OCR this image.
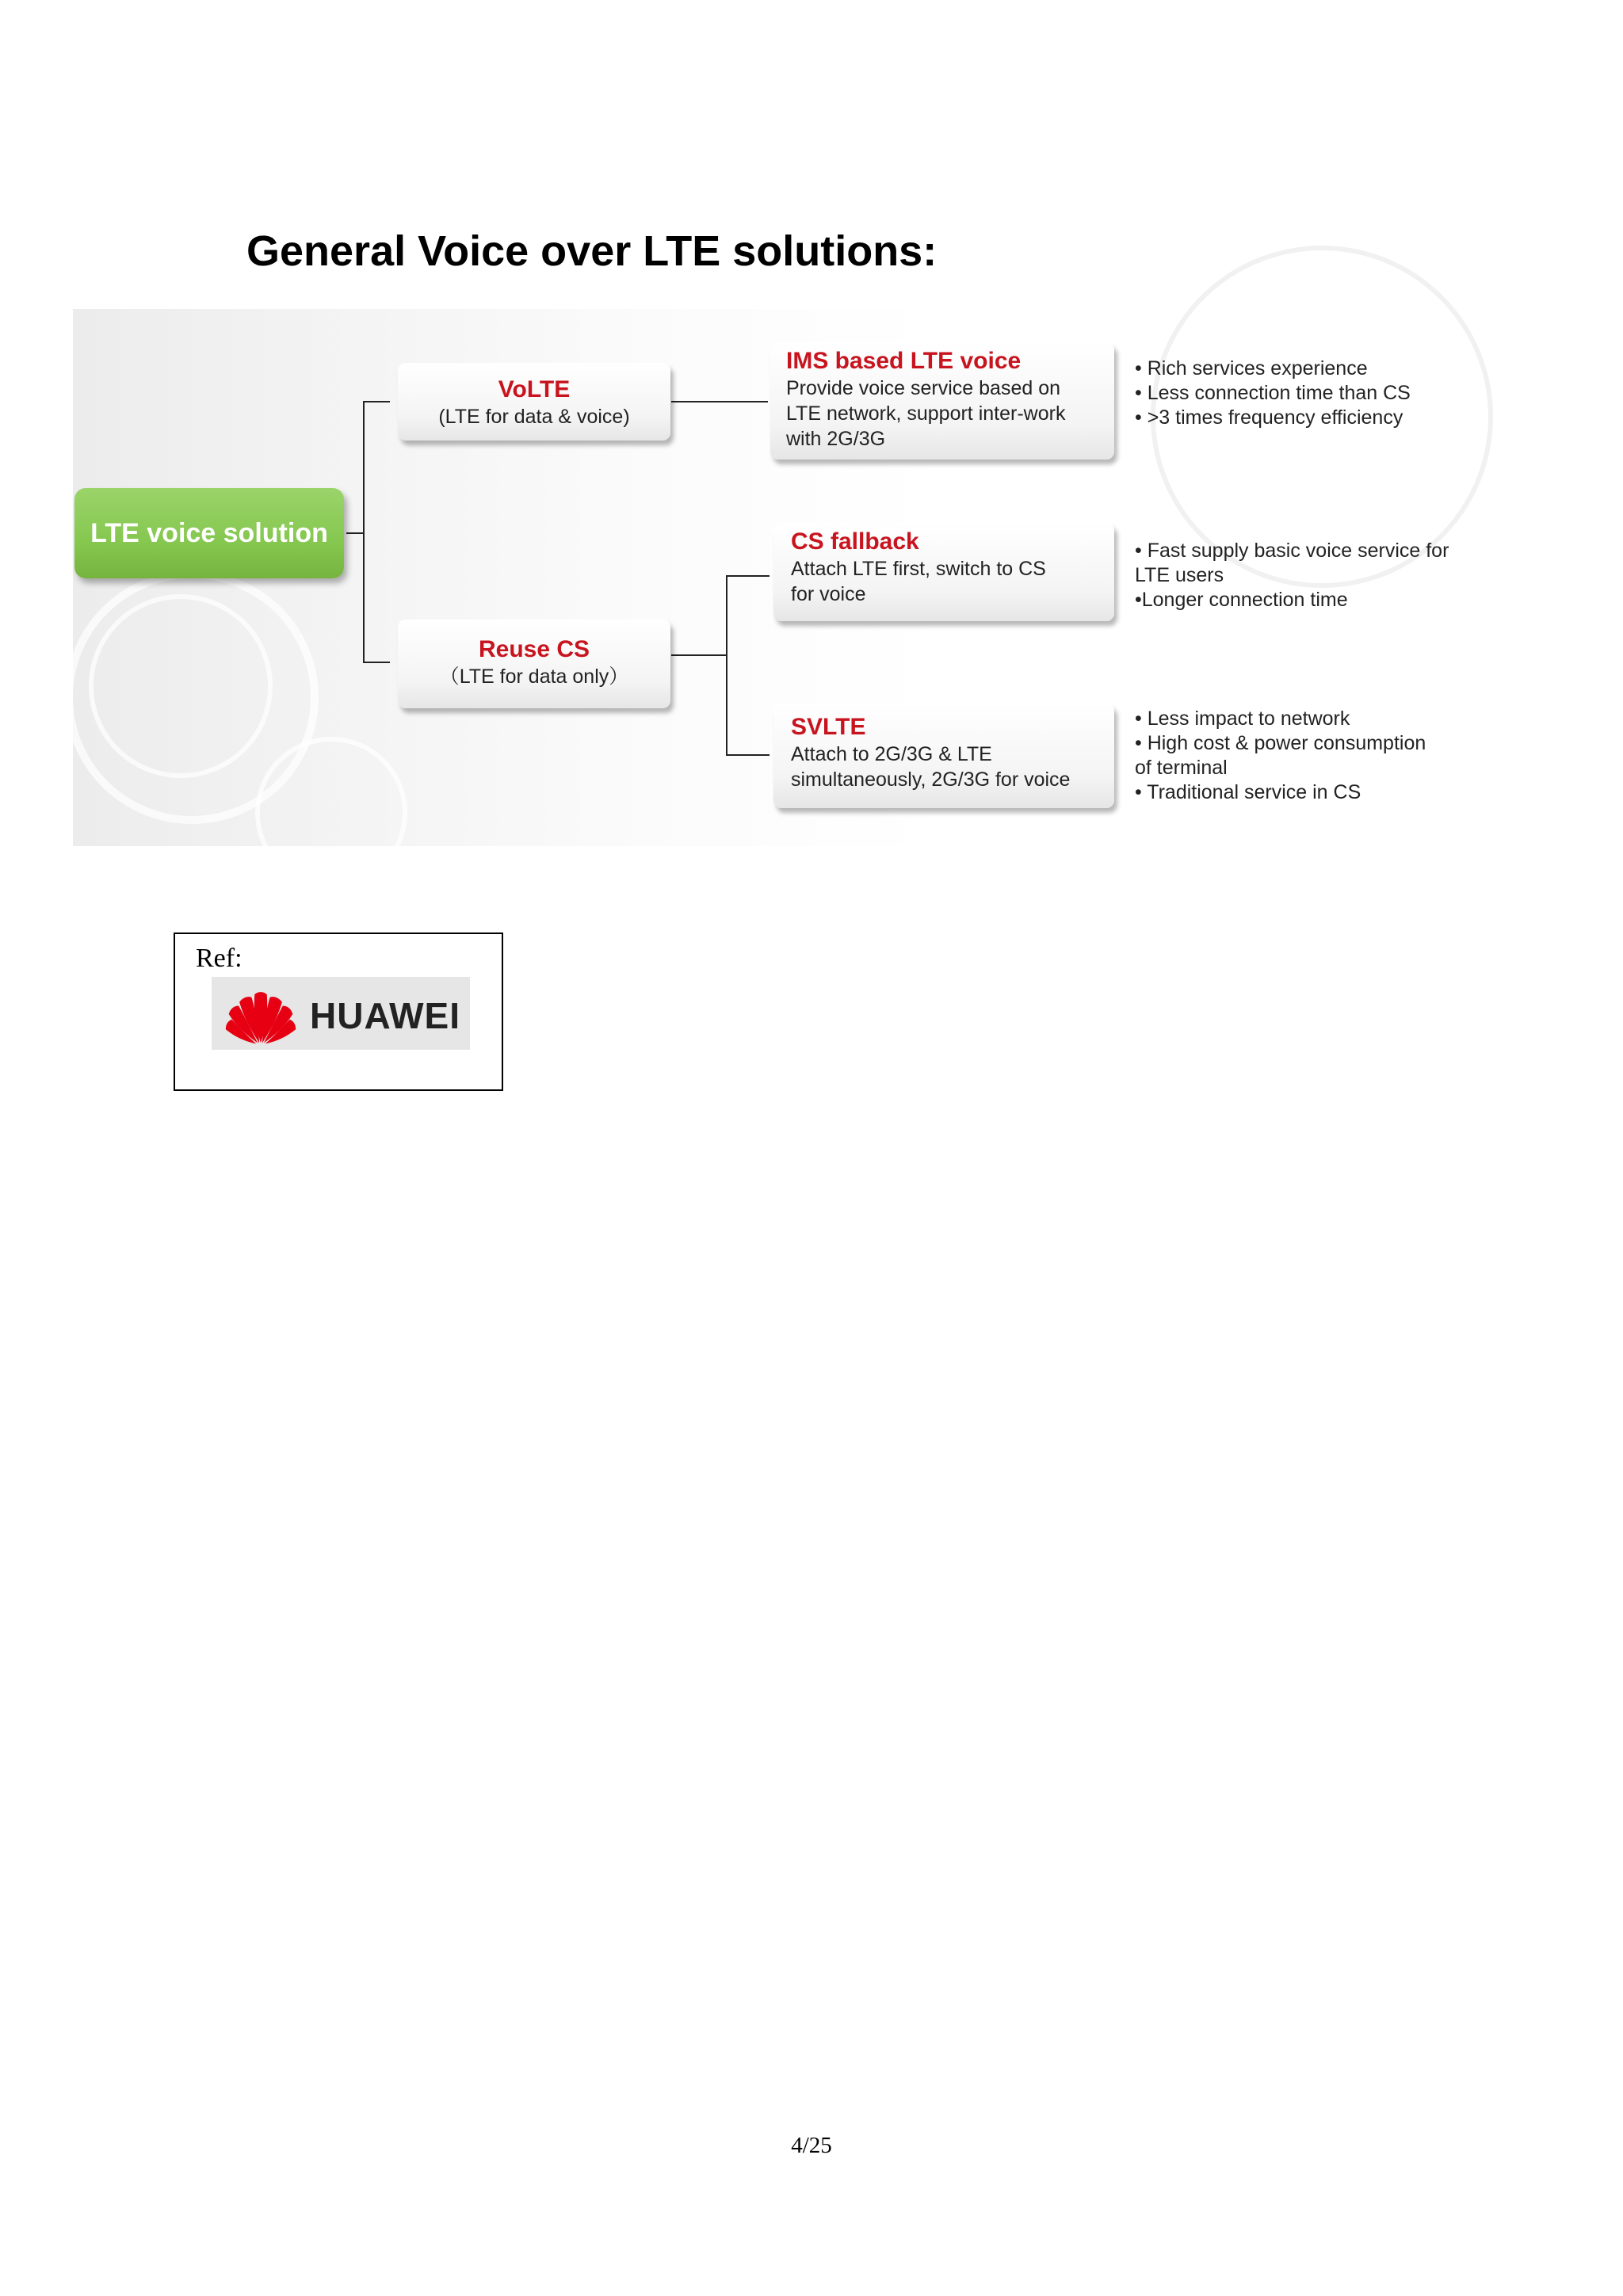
General Voice over LTE solutions:
LTE voice solution
VoLTE
(LTE for data & voice)
Reuse CS
（LTE for data only）
IMS based LTE voice
Provide voice service based on
LTE network, support inter-work
with 2G/3G
• Rich services experience
• Less connection time than CS
• >3 times frequency efficiency
CS fallback
Attach LTE first, switch to CS
for voice
• Fast supply basic voice service for
LTE users
•Longer connection time
SVLTE
Attach to 2G/3G & LTE
simultaneously, 2G/3G for voice
• Less impact to network
• High cost & power consumption
of terminal
• Traditional service in CS
Ref:
HUAWEI
4/25
